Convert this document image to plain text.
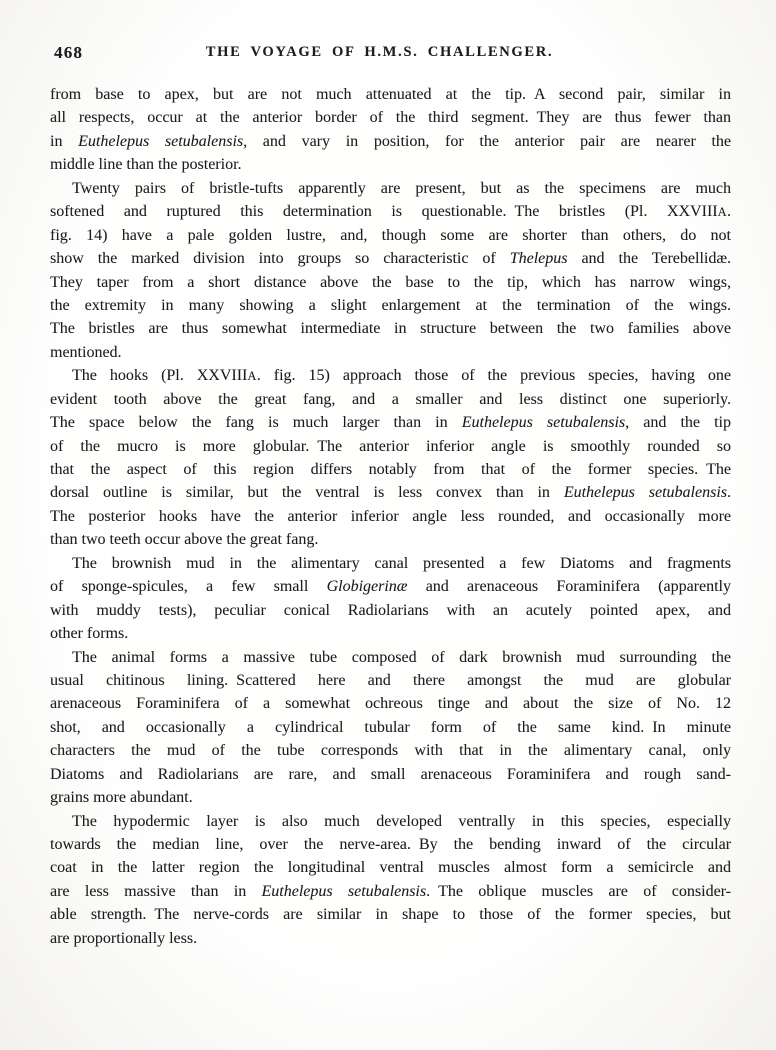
468	THE VOYAGE OF H.M.S. CHALLENGER.
from base to apex, but are not much attenuated at the tip. A second pair, similar in
all respects, occur at the anterior border of the third segment. They are thus fewer than
in Euthelepus setubalensis, and vary in position, for the anterior pair are nearer the
middle line than the posterior.
Twenty pairs of bristle-tufts apparently are present, but as the specimens are much
softened and ruptured this determination is questionable. The bristles (Pl. XXVIIIA.
fig. 14) have a pale golden lustre, and, though some are shorter than others, do not
show the marked division into groups so characteristic of Thelepus and the Terebellidæ.
They taper from a short distance above the base to the tip, which has narrow wings,
the extremity in many showing a slight enlargement at the termination of the wings.
The bristles are thus somewhat intermediate in structure between the two families above
mentioned.
The hooks (Pl. XXVIIIA. fig. 15) approach those of the previous species, having one
evident tooth above the great fang, and a smaller and less distinct one superiorly.
The space below the fang is much larger than in Euthelepus setubalensis, and the tip
of the mucro is more globular. The anterior inferior angle is smoothly rounded so
that the aspect of this region differs notably from that of the former species. The
dorsal outline is similar, but the ventral is less convex than in Euthelepus setubalensis.
The posterior hooks have the anterior inferior angle less rounded, and occasionally more
than two teeth occur above the great fang.
The brownish mud in the alimentary canal presented a few Diatoms and fragments
of sponge-spicules, a few small Globigerinæ and arenaceous Foraminifera (apparently
with muddy tests), peculiar conical Radiolarians with an acutely pointed apex, and
other forms.
The animal forms a massive tube composed of dark brownish mud surrounding the
usual chitinous lining. Scattered here and there amongst the mud are globular
arenaceous Foraminifera of a somewhat ochreous tinge and about the size of No. 12
shot, and occasionally a cylindrical tubular form of the same kind. In minute
characters the mud of the tube corresponds with that in the alimentary canal, only
Diatoms and Radiolarians are rare, and small arenaceous Foraminifera and rough sand-
grains more abundant.
The hypodermic layer is also much developed ventrally in this species, especially
towards the median line, over the nerve-area. By the bending inward of the circular
coat in the latter region the longitudinal ventral muscles almost form a semicircle and
are less massive than in Euthelepus setubalensis. The oblique muscles are of consider-
able strength. The nerve-cords are similar in shape to those of the former species, but
are proportionally less.
